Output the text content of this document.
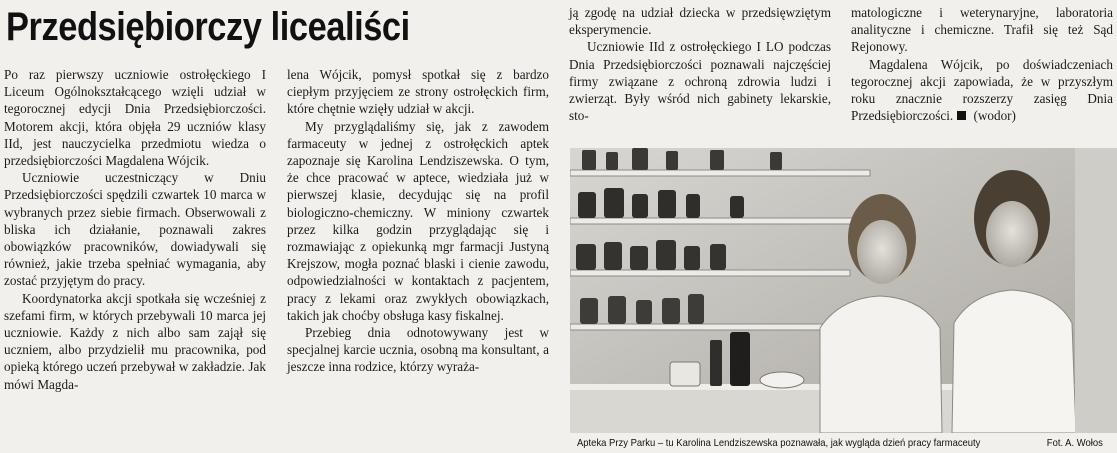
Przedsiębiorczy licealiści

Po raz pierwszy uczniowie ostrołęckiego I Liceum Ogólnokształcącego wzięli udział w tegorocznej edycji Dnia Przedsiębiorczości. Motorem akcji, która objęła 29 uczniów klasy IId, jest nauczycielka przedmiotu wiedza o przedsiębiorczości Magdalena Wójcik.

Uczniowie uczestniczący w Dniu Przedsiębiorczości spędzili czwartek 10 marca w wybranych przez siebie firmach. Obserwowali z bliska ich działanie, poznawali zakres obowiązków pracowników, dowiadywali się również, jakie trzeba spełniać wymagania, aby zostać przyjętym do pracy.

Koordynatorka akcji spotkała się wcześniej z szefami firm, w których przebywali 10 marca jej uczniowie. Każdy z nich albo sam zajął się uczniem, albo przydzielił mu pracownika, pod opieką którego uczeń przebywał w zakładzie. Jak mówi Magda-

lena Wójcik, pomysł spotkał się z bardzo ciepłym przyjęciem ze strony ostrołęckich firm, które chętnie wzięły udział w akcji.

My przyglądaliśmy się, jak z zawodem farmaceuty w jednej z ostrołęckich aptek zapoznaje się Karolina Lendziszewska. O tym, że chce pracować w aptece, wiedziała już w pierwszej klasie, decydując się na profil biologiczno-chemiczny. W miniony czwartek przez kilka godzin przyglądając się i rozmawiając z opiekunką mgr farmacji Justyną Krejszow, mogła poznać blaski i cienie zawodu, odpowiedzialności w kontaktach z pacjentem, pracy z lekami oraz zwykłych obowiązkach, takich jak choćby obsługa kasy fiskalnej.

Przebieg dnia odnotowywany jest w specjalnej karcie ucznia, osobną ma konsultant, a jeszcze inna rodzice, którzy wyraża-

ją zgodę na udział dziecka w przedsięwziętym eksperymencie.

Uczniowie IId z ostrołęckiego I LO podczas Dnia Przedsiębiorczości poznawali najczęściej firmy związane z ochroną zdrowia ludzi i zwierząt. Były wśród nich gabinety lekarskie, sto-

matologiczne i weterynaryjne, laboratoria analityczne i chemiczne. Trafił się też Sąd Rejonowy.

Magdalena Wójcik, po doświadczeniach tegorocznej akcji zapowiada, że w przyszłym roku znacznie rozszerzy zasięg Dnia Przedsiębiorczości. (wodor)

Apteka Przy Parku – tu Karolina Lendziszewska poznawała, jak wygląda dzień pracy farmaceuty	Fot. A. Wołos
